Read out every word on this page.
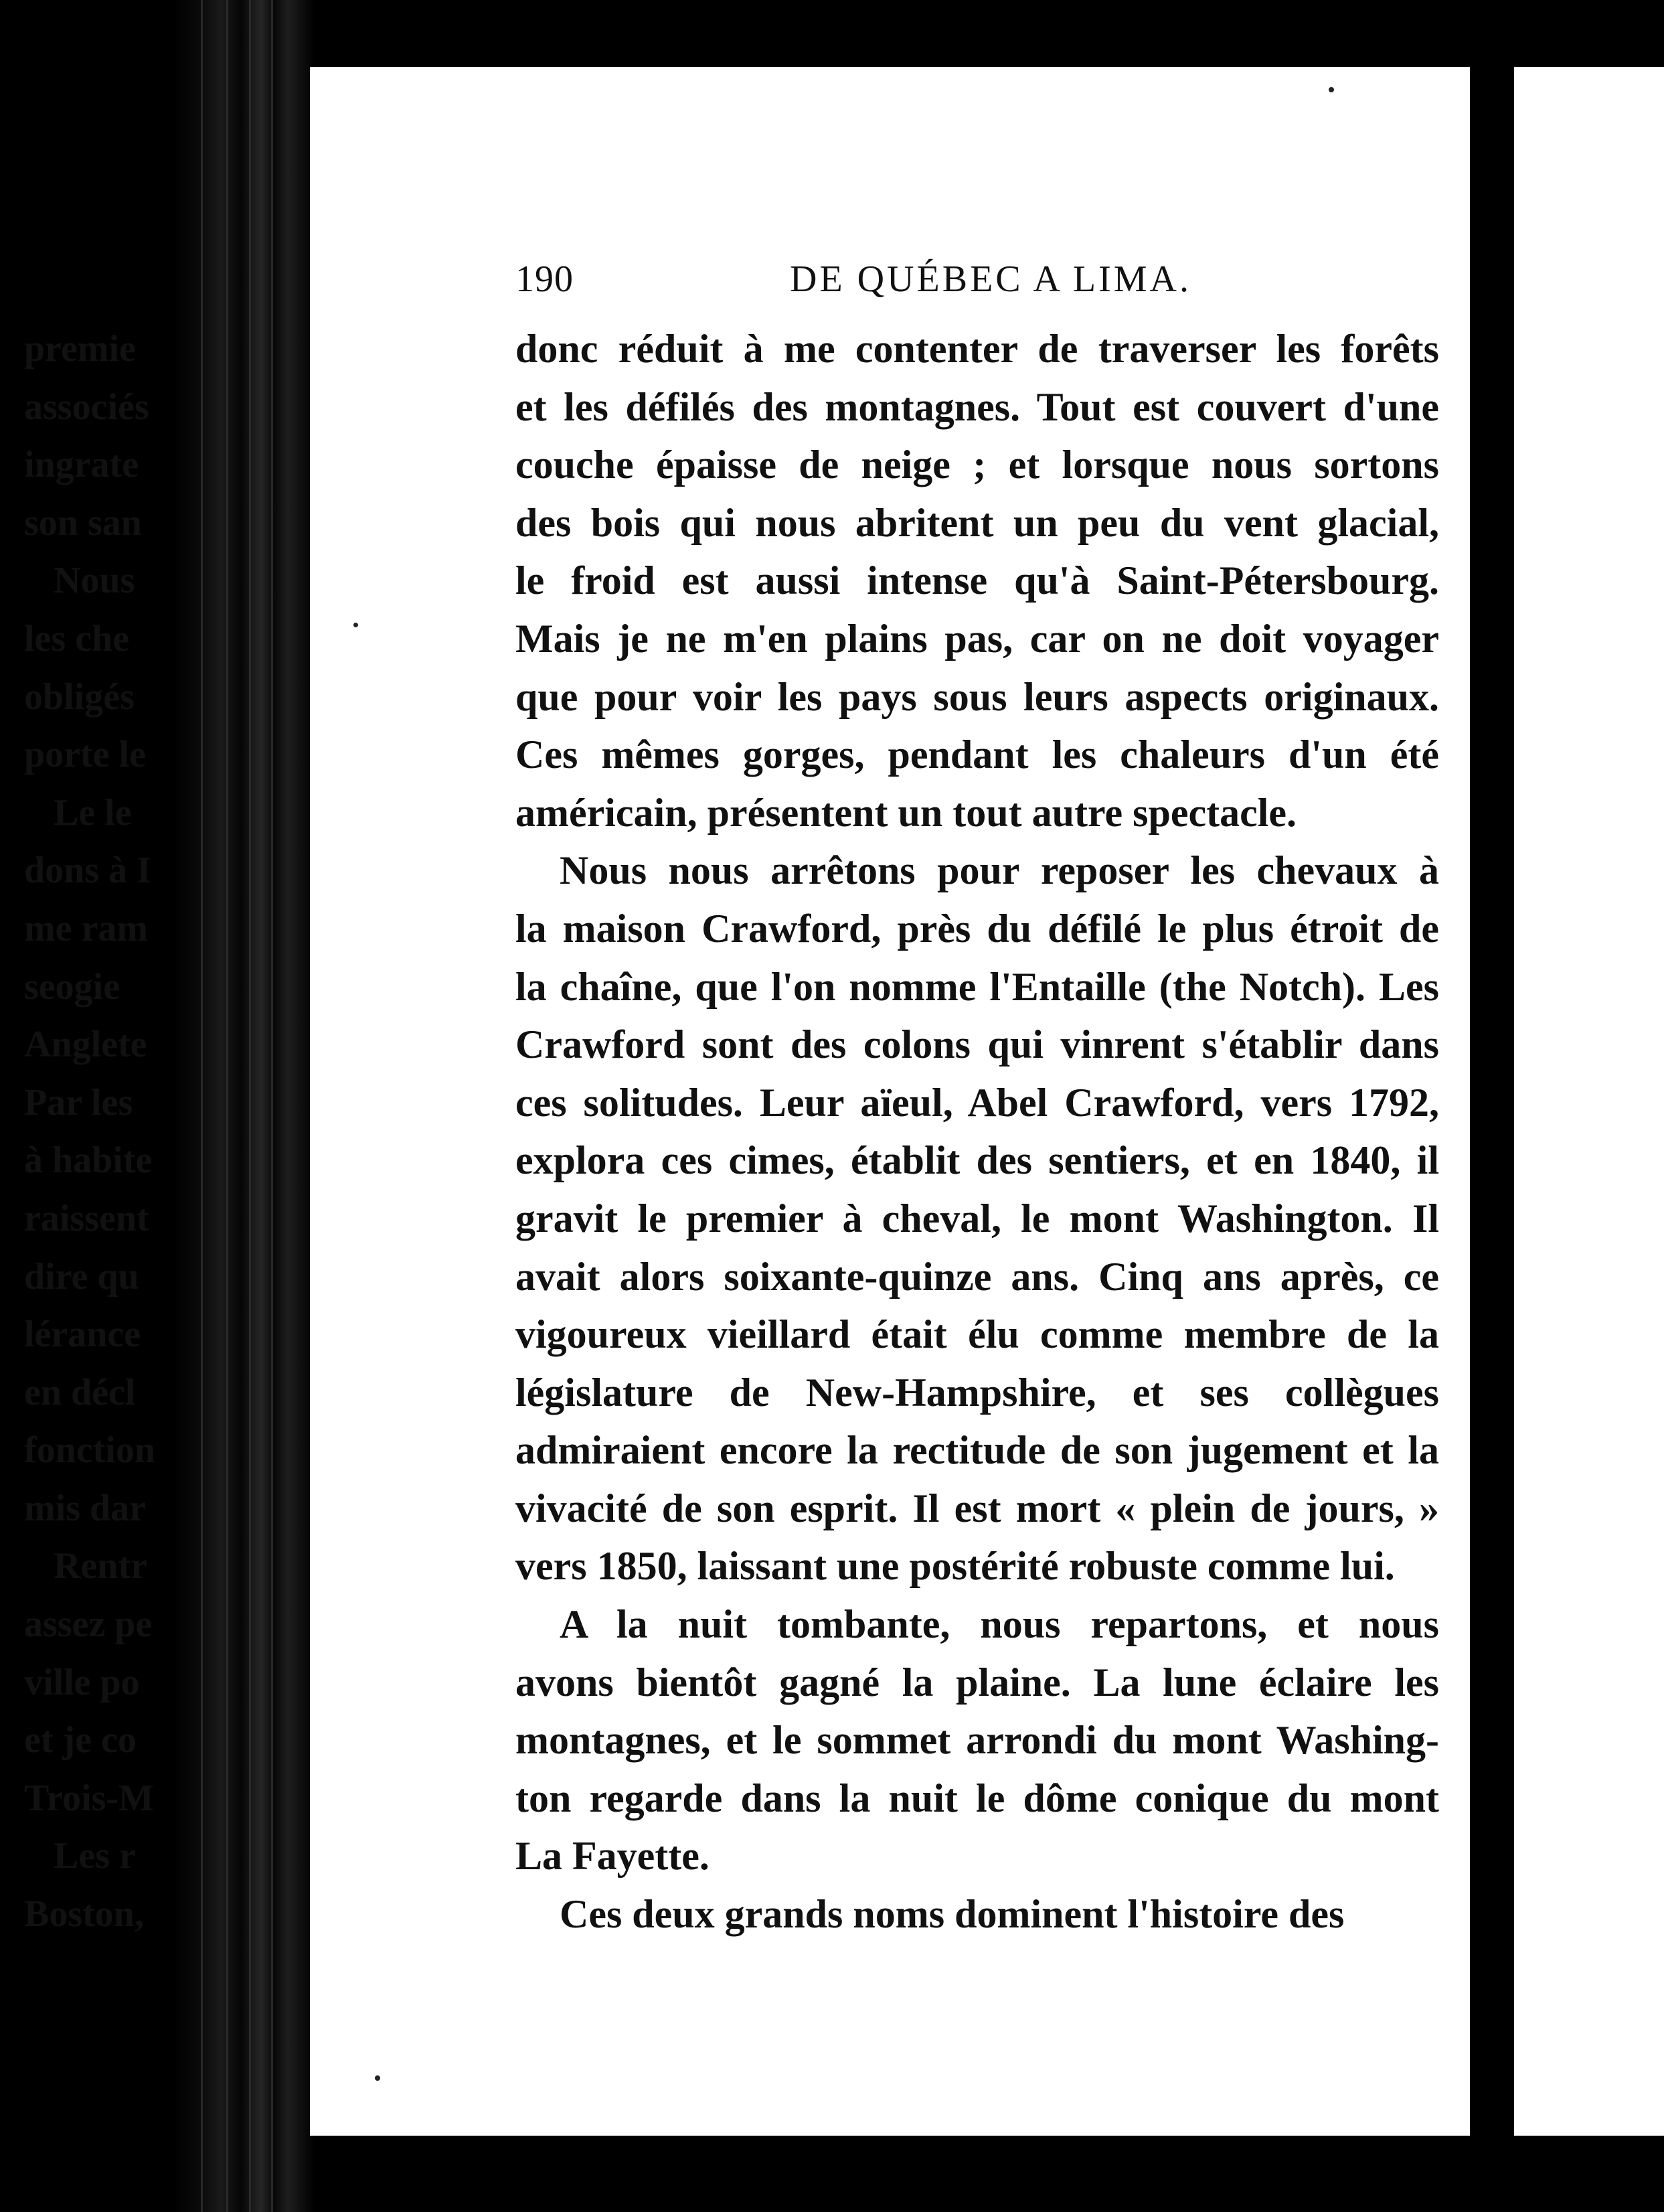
190	DE QUÉBEC A LIMA.
donc réduit à me contenter de traverser les forêts
et les défilés des montagnes. Tout est couvert d'une
couche épaisse de neige ; et lorsque nous sortons
des bois qui nous abritent un peu du vent glacial,
le froid est aussi intense qu'à Saint-Pétersbourg.
Mais je ne m'en plains pas, car on ne doit voyager
que pour voir les pays sous leurs aspects originaux.
Ces mêmes gorges, pendant les chaleurs d'un été
américain, présentent un tout autre spectacle.
Nous nous arrêtons pour reposer les chevaux à
la maison Crawford, près du défilé le plus étroit de
la chaîne, que l'on nomme l'Entaille (the Notch). Les
Crawford sont des colons qui vinrent s'établir dans
ces solitudes. Leur aïeul, Abel Crawford, vers 1792,
explora ces cimes, établit des sentiers, et en 1840, il
gravit le premier à cheval, le mont Washington. Il
avait alors soixante-quinze ans. Cinq ans après, ce
vigoureux vieillard était élu comme membre de la
législature de New-Hampshire, et ses collègues
admiraient encore la rectitude de son jugement et la
vivacité de son esprit. Il est mort « plein de jours, »
vers 1850, laissant une postérité robuste comme lui.
A la nuit tombante, nous repartons, et nous
avons bientôt gagné la plaine. La lune éclaire les
montagnes, et le sommet arrondi du mont Washing-
ton regarde dans la nuit le dôme conique du mont
La Fayette.
Ces deux grands noms dominent l'histoire des
premie
associés
ingrate
son san
Nous
les che
obligés
porte le
Le le
dons à I
me ram
seogie
Anglete
Par les
à habite
raissent
dire qu
lérance
en décl
fonction
mis dar
Rentr
assez pe
ville po
et je co
Trois-M
Les r
Boston,
